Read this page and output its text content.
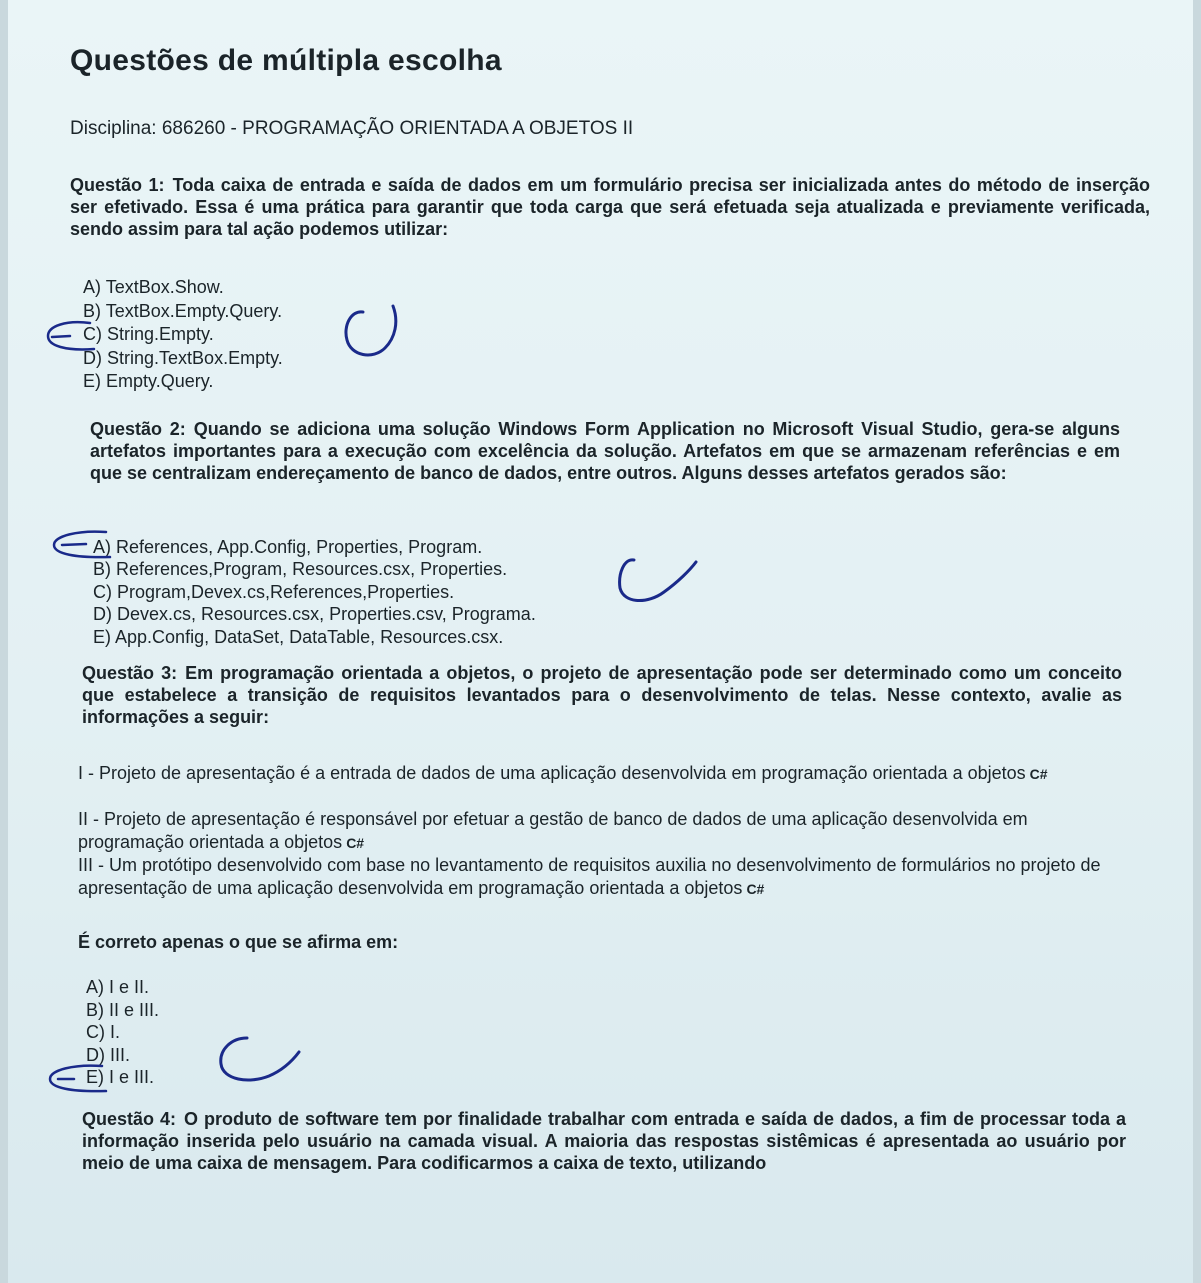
Questões de múltipla escolha
Disciplina: 686260 - PROGRAMAÇÃO ORIENTADA A OBJETOS II
Questão 1: Toda caixa de entrada e saída de dados em um formulário precisa ser inicializada antes do método de inserção ser efetivado. Essa é uma prática para garantir que toda carga que será efetuada seja atualizada e previamente verificada, sendo assim para tal ação podemos utilizar:
A) TextBox.Show.
B) TextBox.Empty.Query.
C) String.Empty.
D) String.TextBox.Empty.
E) Empty.Query.
Questão 2: Quando se adiciona uma solução Windows Form Application no Microsoft Visual Studio, gera-se alguns artefatos importantes para a execução com excelência da solução. Artefatos em que se armazenam referências e em que se centralizam endereçamento de banco de dados, entre outros. Alguns desses artefatos gerados são:
A) References, App.Config, Properties, Program.
B) References,Program, Resources.csx, Properties.
C) Program,Devex.cs,References,Properties.
D) Devex.cs, Resources.csx, Properties.csv, Programa.
E) App.Config, DataSet, DataTable, Resources.csx.
Questão 3: Em programação orientada a objetos, o projeto de apresentação pode ser determinado como um conceito que estabelece a transição de requisitos levantados para o desenvolvimento de telas. Nesse contexto, avalie as informações a seguir:
I - Projeto de apresentação é a entrada de dados de uma aplicação desenvolvida em programação orientada a objetos C#
II - Projeto de apresentação é responsável por efetuar a gestão de banco de dados de uma aplicação desenvolvida em programação orientada a objetos C#
III - Um protótipo desenvolvido com base no levantamento de requisitos auxilia no desenvolvimento de formulários no projeto de apresentação de uma aplicação desenvolvida em programação orientada a objetos C#
É correto apenas o que se afirma em:
A) I e II.
B) II e III.
C) I.
D) III.
E) I e III.
Questão 4: O produto de software tem por finalidade trabalhar com entrada e saída de dados, a fim de processar toda a informação inserida pelo usuário na camada visual. A maioria das respostas sistêmicas é apresentada ao usuário por meio de uma caixa de mensagem. Para codificarmos a caixa de texto, utilizando
